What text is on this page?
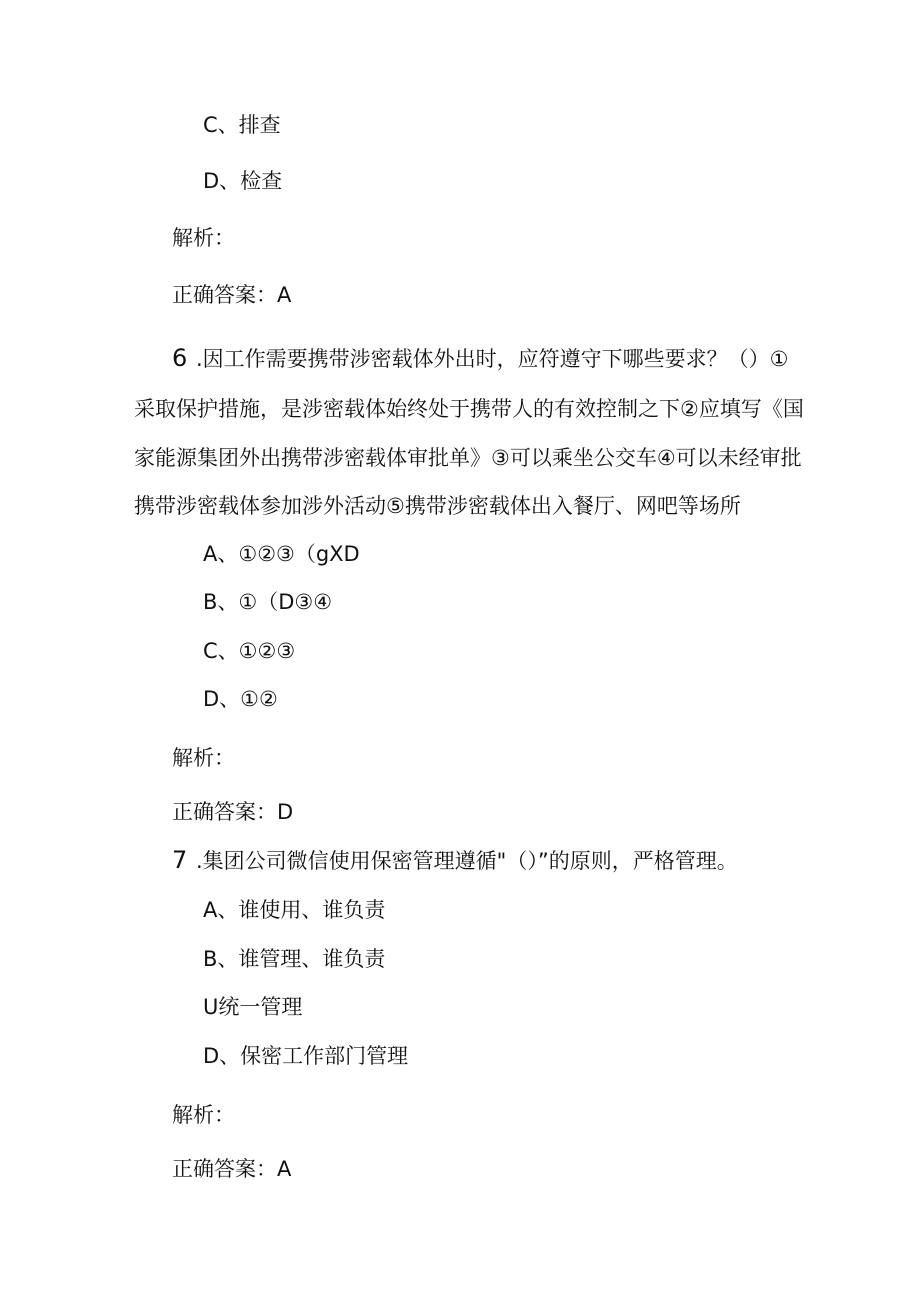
C、排查
D、检查
解析：
正确答案：A
6 .因工作需要携带涉密载体外出时，应符遵守下哪些要求？（）①
采取保护措施，是涉密载体始终处于携带人的有效控制之下②应填写《国
家能源集团外出携带涉密载体审批单》③可以乘坐公交车④可以未经审批
携带涉密载体参加涉外活动⑤携带涉密载体出入餐厅、网吧等场所
A、①②③（gXD
B、①（D③④
C、①②③
D、①②
解析：
正确答案：D
7 .集团公司微信使用保密管理遵循"（）”的原则，严格管理。
A、谁使用、谁负责
B、谁管理、谁负责
U统一管理
D、保密工作部门管理
解析：
正确答案：A
